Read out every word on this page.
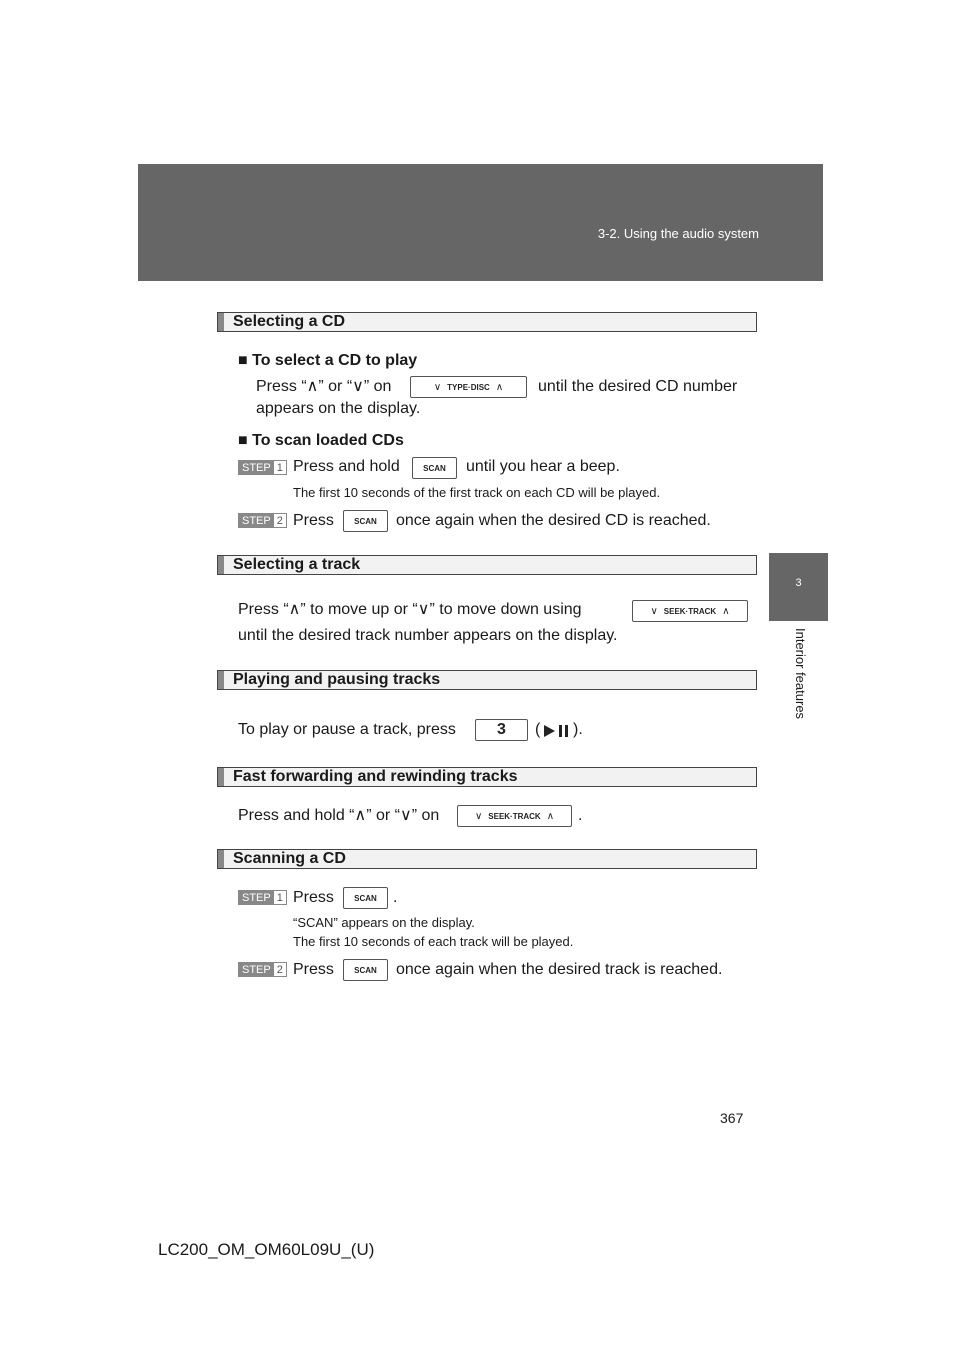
3-2. Using the audio system
3
Interior features
Selecting a CD
■ To select a CD to play
Press “∧” or “∨” on	∨ TYPE·DISC ∧ until the desired CD number
appears on the display.
■ To scan loaded CDs
STEP 1 Press and hold	SCAN until you hear a beep.
The first 10 seconds of the first track on each CD will be played.
STEP 2 Press	SCAN once again when the desired CD is reached.
Selecting a track
Press “∧” to move up or “∨” to move down using	∨ SEEK·TRACK ∧
until the desired track number appears on the display.
Playing and pausing tracks
To play or pause a track, press	3 ( ).
Fast forwarding and rewinding tracks
Press and hold “∧” or “∨” on	∨ SEEK·TRACK ∧ .
Scanning a CD
STEP 1 Press	SCAN .
“SCAN” appears on the display.
The first 10 seconds of each track will be played.
STEP 2 Press	SCAN once again when the desired track is reached.
367
LC200_OM_OM60L09U_(U)
